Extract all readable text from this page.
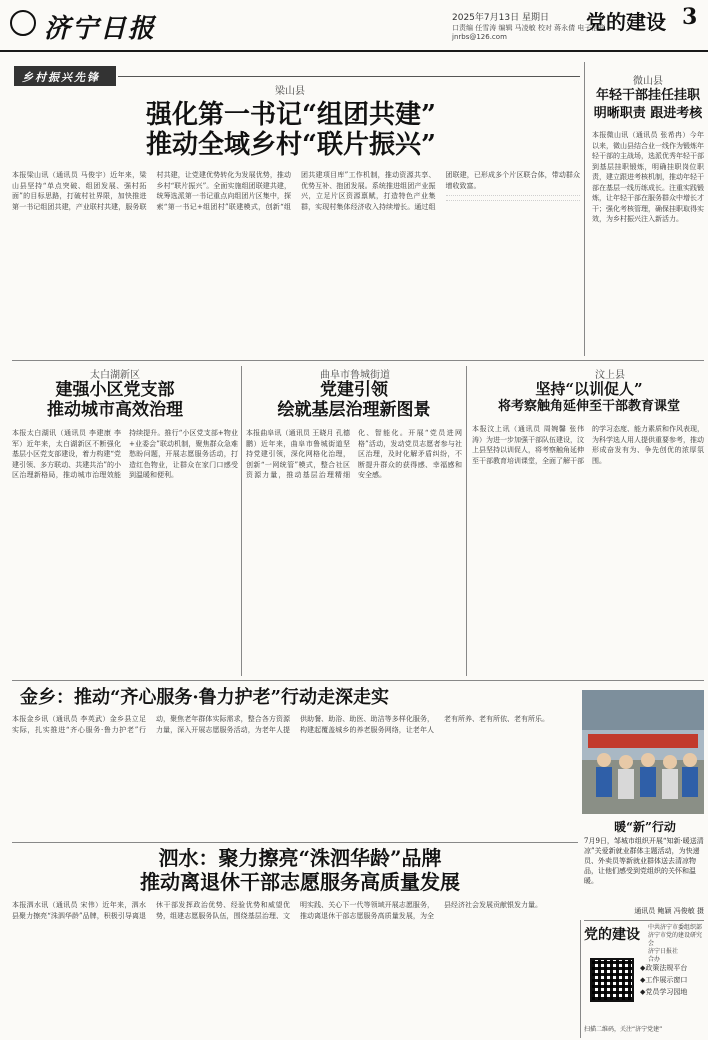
济宁日报	2025年7月13日 星期日
口责编 任雪涛 编辑 马凌敏 校对 蒋永倩 电子信箱 jnrbs@126.com
党的建设 3
乡村振兴先锋
梁山县
强化第一书记“组团共建”
推动全域乡村“联片振兴”
本报梁山讯（通讯员 马俊宇）近年来，梁山县坚持“单点突破、组团发展、强村拓面”的目标思路，打破村社界限，加快推进第一书记组团共建，产业联村共建，服务联村共建，让党建优势转化为发展优势，推动乡村“联片振兴”。全面实施组团联建共建，统筹选派第一书记重点向组团片区集中，探索“第一书记+组团村”联建模式，创新“组团共建项目库”工作机制，推动资源共享、优势互补、抱团发展。系统推进组团产业振兴，立足片区资源禀赋，打造特色产业集群，实现村集体经济收入持续增长。通过组团联建，已形成多个片区联合体，带动群众增收致富。
微山县
年轻干部挂任挂职
明晰职责 跟进考核
本报微山讯（通讯员 张希冉）今年以来，微山县结合业一线作为锻炼年轻干部的主战场，选派优秀年轻干部到基层挂职锻炼，明确挂职岗位职责，建立跟进考核机制，推动年轻干部在基层一线历练成长。注重实践锻炼，让年轻干部在服务群众中增长才干；强化考核管理，确保挂职取得实效，为乡村振兴注入新活力。
太白湖新区
建强小区党支部
推动城市高效治理
本报太白湖讯（通讯员 李建康 李军）近年来，太白湖新区不断强化基层小区党支部建设，着力构建“党建引领、多方联动、共建共治”的小区治理新格局，推动城市治理效能持续提升。推行“小区党支部+物业+业委会”联动机制，聚焦群众急难愁盼问题，开展志愿服务活动，打造红色物业，让群众在家门口感受到温暖和便利。
曲阜市鲁城街道
党建引领
绘就基层治理新图景
本报曲阜讯（通讯员 王晓月 孔德鹏）近年来，曲阜市鲁城街道坚持党建引领，深化网格化治理，创新“一网统管”模式，整合社区资源力量，推动基层治理精细化、智能化。开展“党员进网格”活动，发动党员志愿者参与社区治理，及时化解矛盾纠纷，不断提升群众的获得感、幸福感和安全感。
汶上县
坚持“以训促人”
将考察触角延伸至干部教育课堂
本报汶上讯（通讯员 周婉馨 张伟涛）为进一步加强干部队伍建设，汶上县坚持以训促人，将考察触角延伸至干部教育培训课堂，全面了解干部的学习态度、能力素质和作风表现，为科学选人用人提供重要参考，推动形成奋发有为、争先创优的浓厚氛围。
金乡：推动“齐心服务·鲁力护老”行动走深走实
本报金乡讯（通讯员 李英武）金乡县立足实际，扎实推进“齐心服务·鲁力护老”行动，聚焦老年群体实际需求，整合各方资源力量，深入开展志愿服务活动，为老年人提供助餐、助浴、助医、助洁等多样化服务，构建起覆盖城乡的养老服务网络，让老年人老有所养、老有所依、老有所乐。
暖“新”行动
7月9日，邹城市组织开展“知新·暖送清凉”关爱新就业群体主题活动，为快递员、外卖员等新就业群体送去清凉物品，让他们感受到党组织的关怀和温暖。
通讯员 鲍颖 冯俊敏 摄
泗水：聚力擦亮“洙泗华龄”品牌
推动离退休干部志愿服务高质量发展
本报泗水讯（通讯员 宋伟）近年来，泗水县聚力擦亮“洙泗华龄”品牌，积极引导离退休干部发挥政治优势、经验优势和威望优势，组建志愿服务队伍，围绕基层治理、文明实践、关心下一代等领域开展志愿服务，推动离退休干部志愿服务高质量发展，为全县经济社会发展贡献银发力量。
党的建设 中共济宁市委组织部
济宁市党的建设研究会
济宁日报社
合办
◆政策法规平台
◆工作展示窗口
◆党员学习园地
扫描二维码，关注“济宁党建”
